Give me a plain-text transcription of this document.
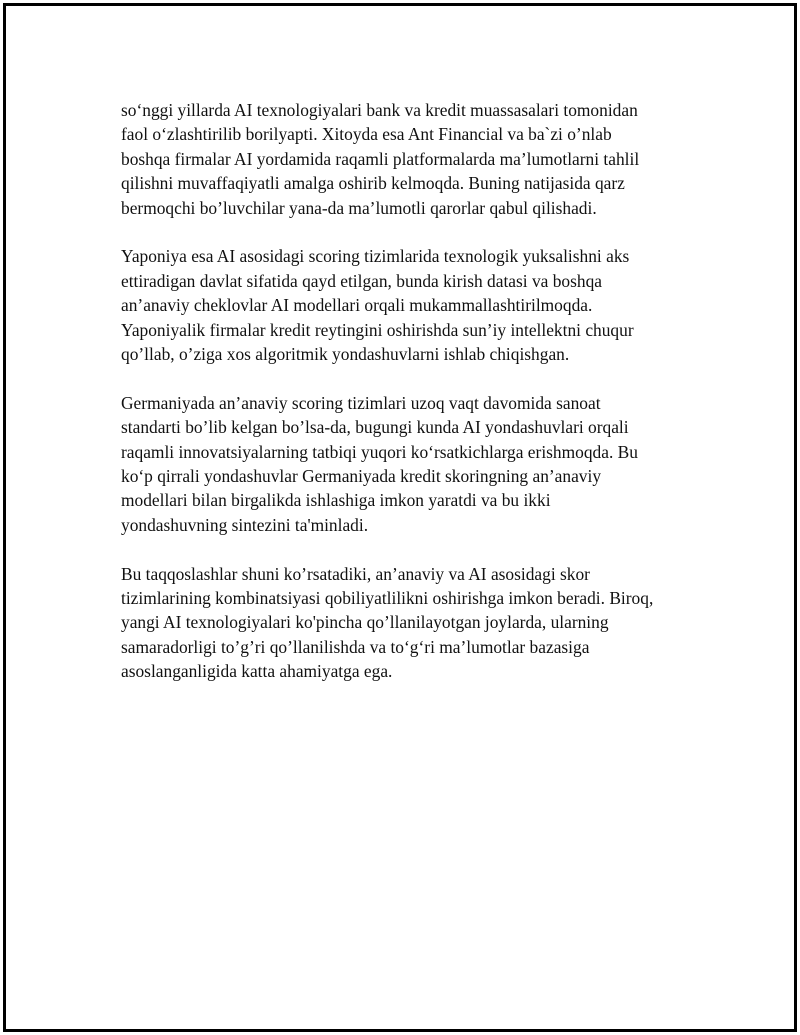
so‘nggi yillarda AI texnologiyalari bank va kredit muassasalari tomonidan
faol o‘zlashtirilib borilyapti. Xitoyda esa Ant Financial va ba`zi o’nlab
boshqa firmalar AI yordamida raqamli platformalarda ma’lumotlarni tahlil
qilishni muvaffaqiyatli amalga oshirib kelmoqda. Buning natijasida qarz
bermoqchi bo’luvchilar yana-da ma’lumotli qarorlar qabul qilishadi.

Yaponiya esa AI asosidagi scoring tizimlarida texnologik yuksalishni aks
ettiradigan davlat sifatida qayd etilgan, bunda kirish datasi va boshqa
an’anaviy cheklovlar AI modellari orqali mukammallashtirilmoqda.
Yaponiyalik firmalar kredit reytingini oshirishda sun’iy intellektni chuqur
qo’llab, o’ziga xos algoritmik yondashuvlarni ishlab chiqishgan.

Germaniyada an’anaviy scoring tizimlari uzoq vaqt davomida sanoat
standarti bo’lib kelgan bo’lsa-da, bugungi kunda AI yondashuvlari orqali
raqamli innovatsiyalarning tatbiqi yuqori ko‘rsatkichlarga erishmoqda. Bu
ko‘p qirrali yondashuvlar Germaniyada kredit skoringning an’anaviy
modellari bilan birgalikda ishlashiga imkon yaratdi va bu ikki
yondashuvning sintezini ta'minladi.

Bu taqqoslashlar shuni ko’rsatadiki, an’anaviy va AI asosidagi skor
tizimlarining kombinatsiyasi qobiliyatlilikni oshirishga imkon beradi. Biroq,
yangi AI texnologiyalari ko'pincha qo’llanilayotgan joylarda, ularning
samaradorligi to’g’ri qo’llanilishda va to‘g‘ri ma’lumotlar bazasiga
asoslanganligida katta ahamiyatga ega.
